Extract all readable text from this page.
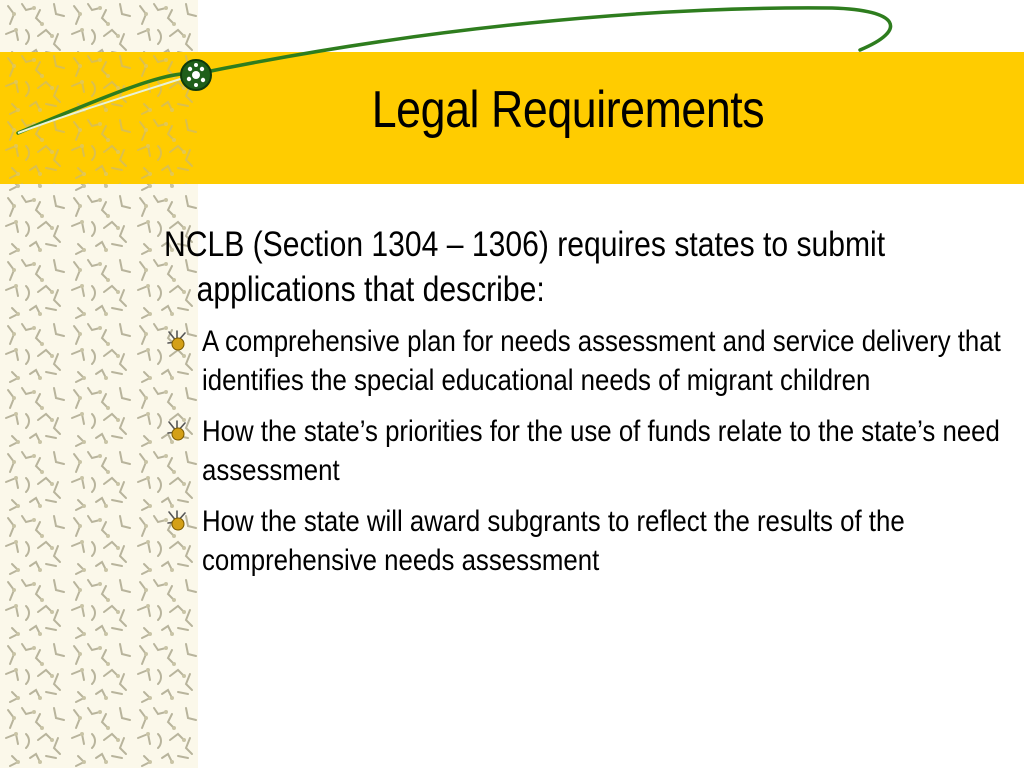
Legal Requirements

NCLB (Section 1304 – 1306) requires states to submit applications that describe:

A comprehensive plan for needs assessment and service delivery that identifies the special educational needs of migrant children
How the state’s priorities for the use of funds relate to the state’s need assessment
How the state will award subgrants to reflect the results of the comprehensive needs assessment
